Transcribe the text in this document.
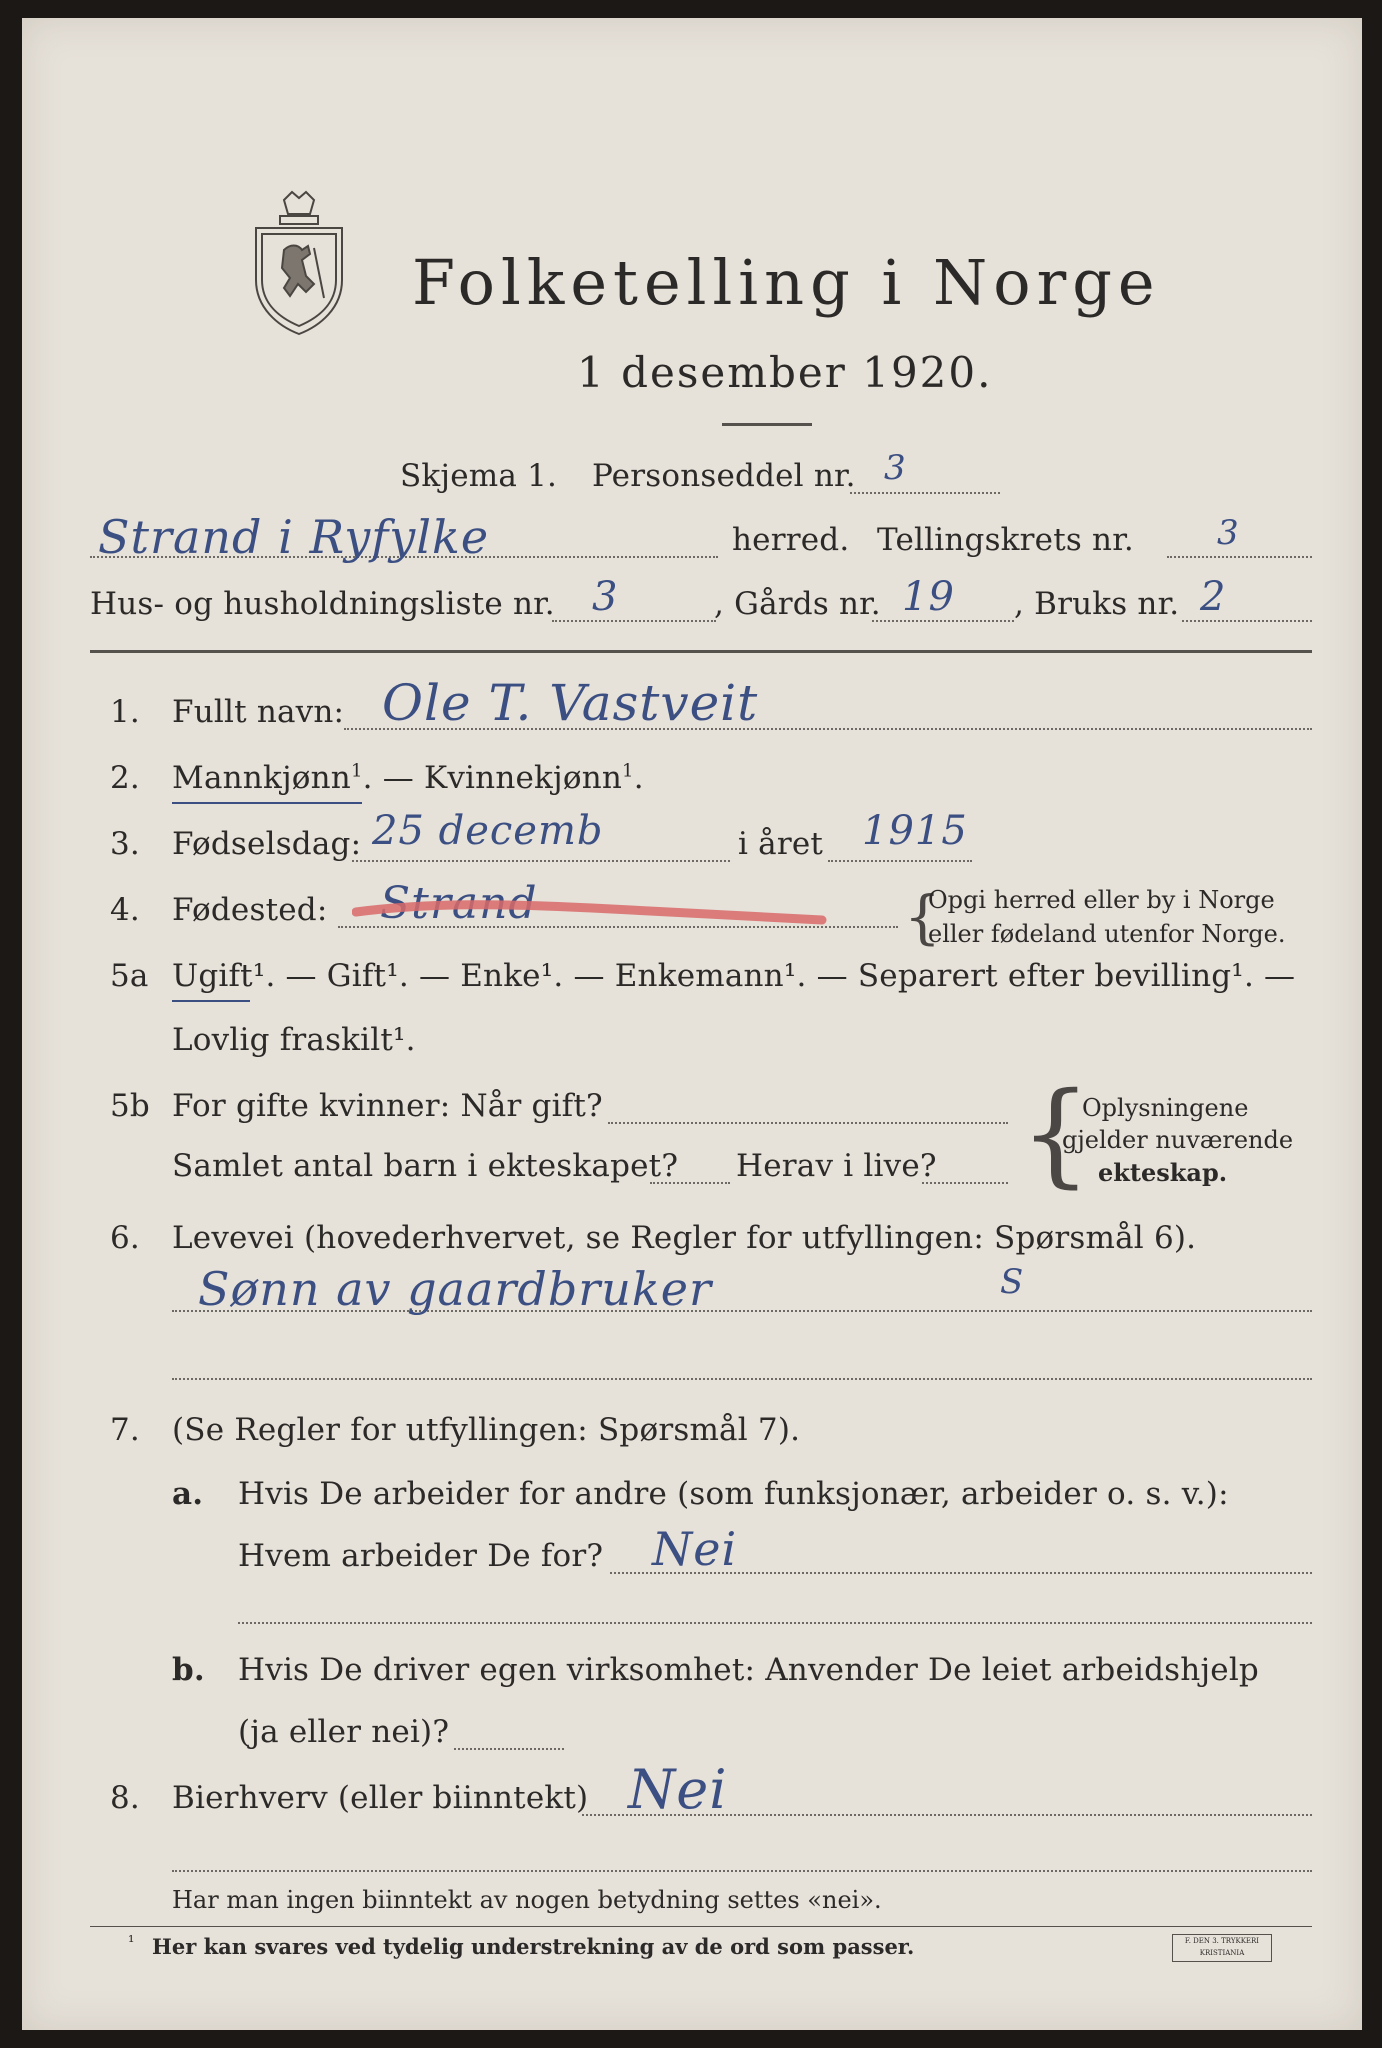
Folketelling i Norge
1 desember 1920.
Skjema 1. Personseddel nr. 3
Strand i Ryfylke	herred. Tellingskrets nr. 3
Hus- og husholdningsliste nr. 3	, Gårds nr. 19 , Bruks nr. 2
1. Fullt navn: Ole T. Vastveit
2. Mannkjønn$^1$. — Kvinnekjønn$^1$.
3. Fødselsdag: 25 decemb	i året 1915
4. Fødested: Strand	{
Opgi herred eller by i Norge
eller fødeland utenfor Norge.
5a Ugift¹. — Gift¹. — Enke¹. — Enkemann¹. — Separert efter bevilling¹. —
Lovlig fraskilt¹.
5b For gifte kvinner: Når gift?
Samlet antal barn i ekteskapet? Herav i live? {
Oplysningene
gjelder nuværende
ekteskap.
6. Levevei (hovederhvervet, se Regler for utfyllingen: Spørsmål 6).
Sønn av gaardbruker	S
7. (Se Regler for utfyllingen: Spørsmål 7).
a. Hvis De arbeider for andre (som funksjonær, arbeider o. s. v.):
Hvem arbeider De for? Nei
b. Hvis De driver egen virksomhet: Anvender De leiet arbeidshjelp
(ja eller nei)?
8. Bierhverv (eller biinntekt) Nei
Har man ingen biinntekt av nogen betydning settes «nei».
¹ Her kan svares ved tydelig understrekning av de ord som passer.	F. DEN 3. TRYKKERI KRISTIANIA
